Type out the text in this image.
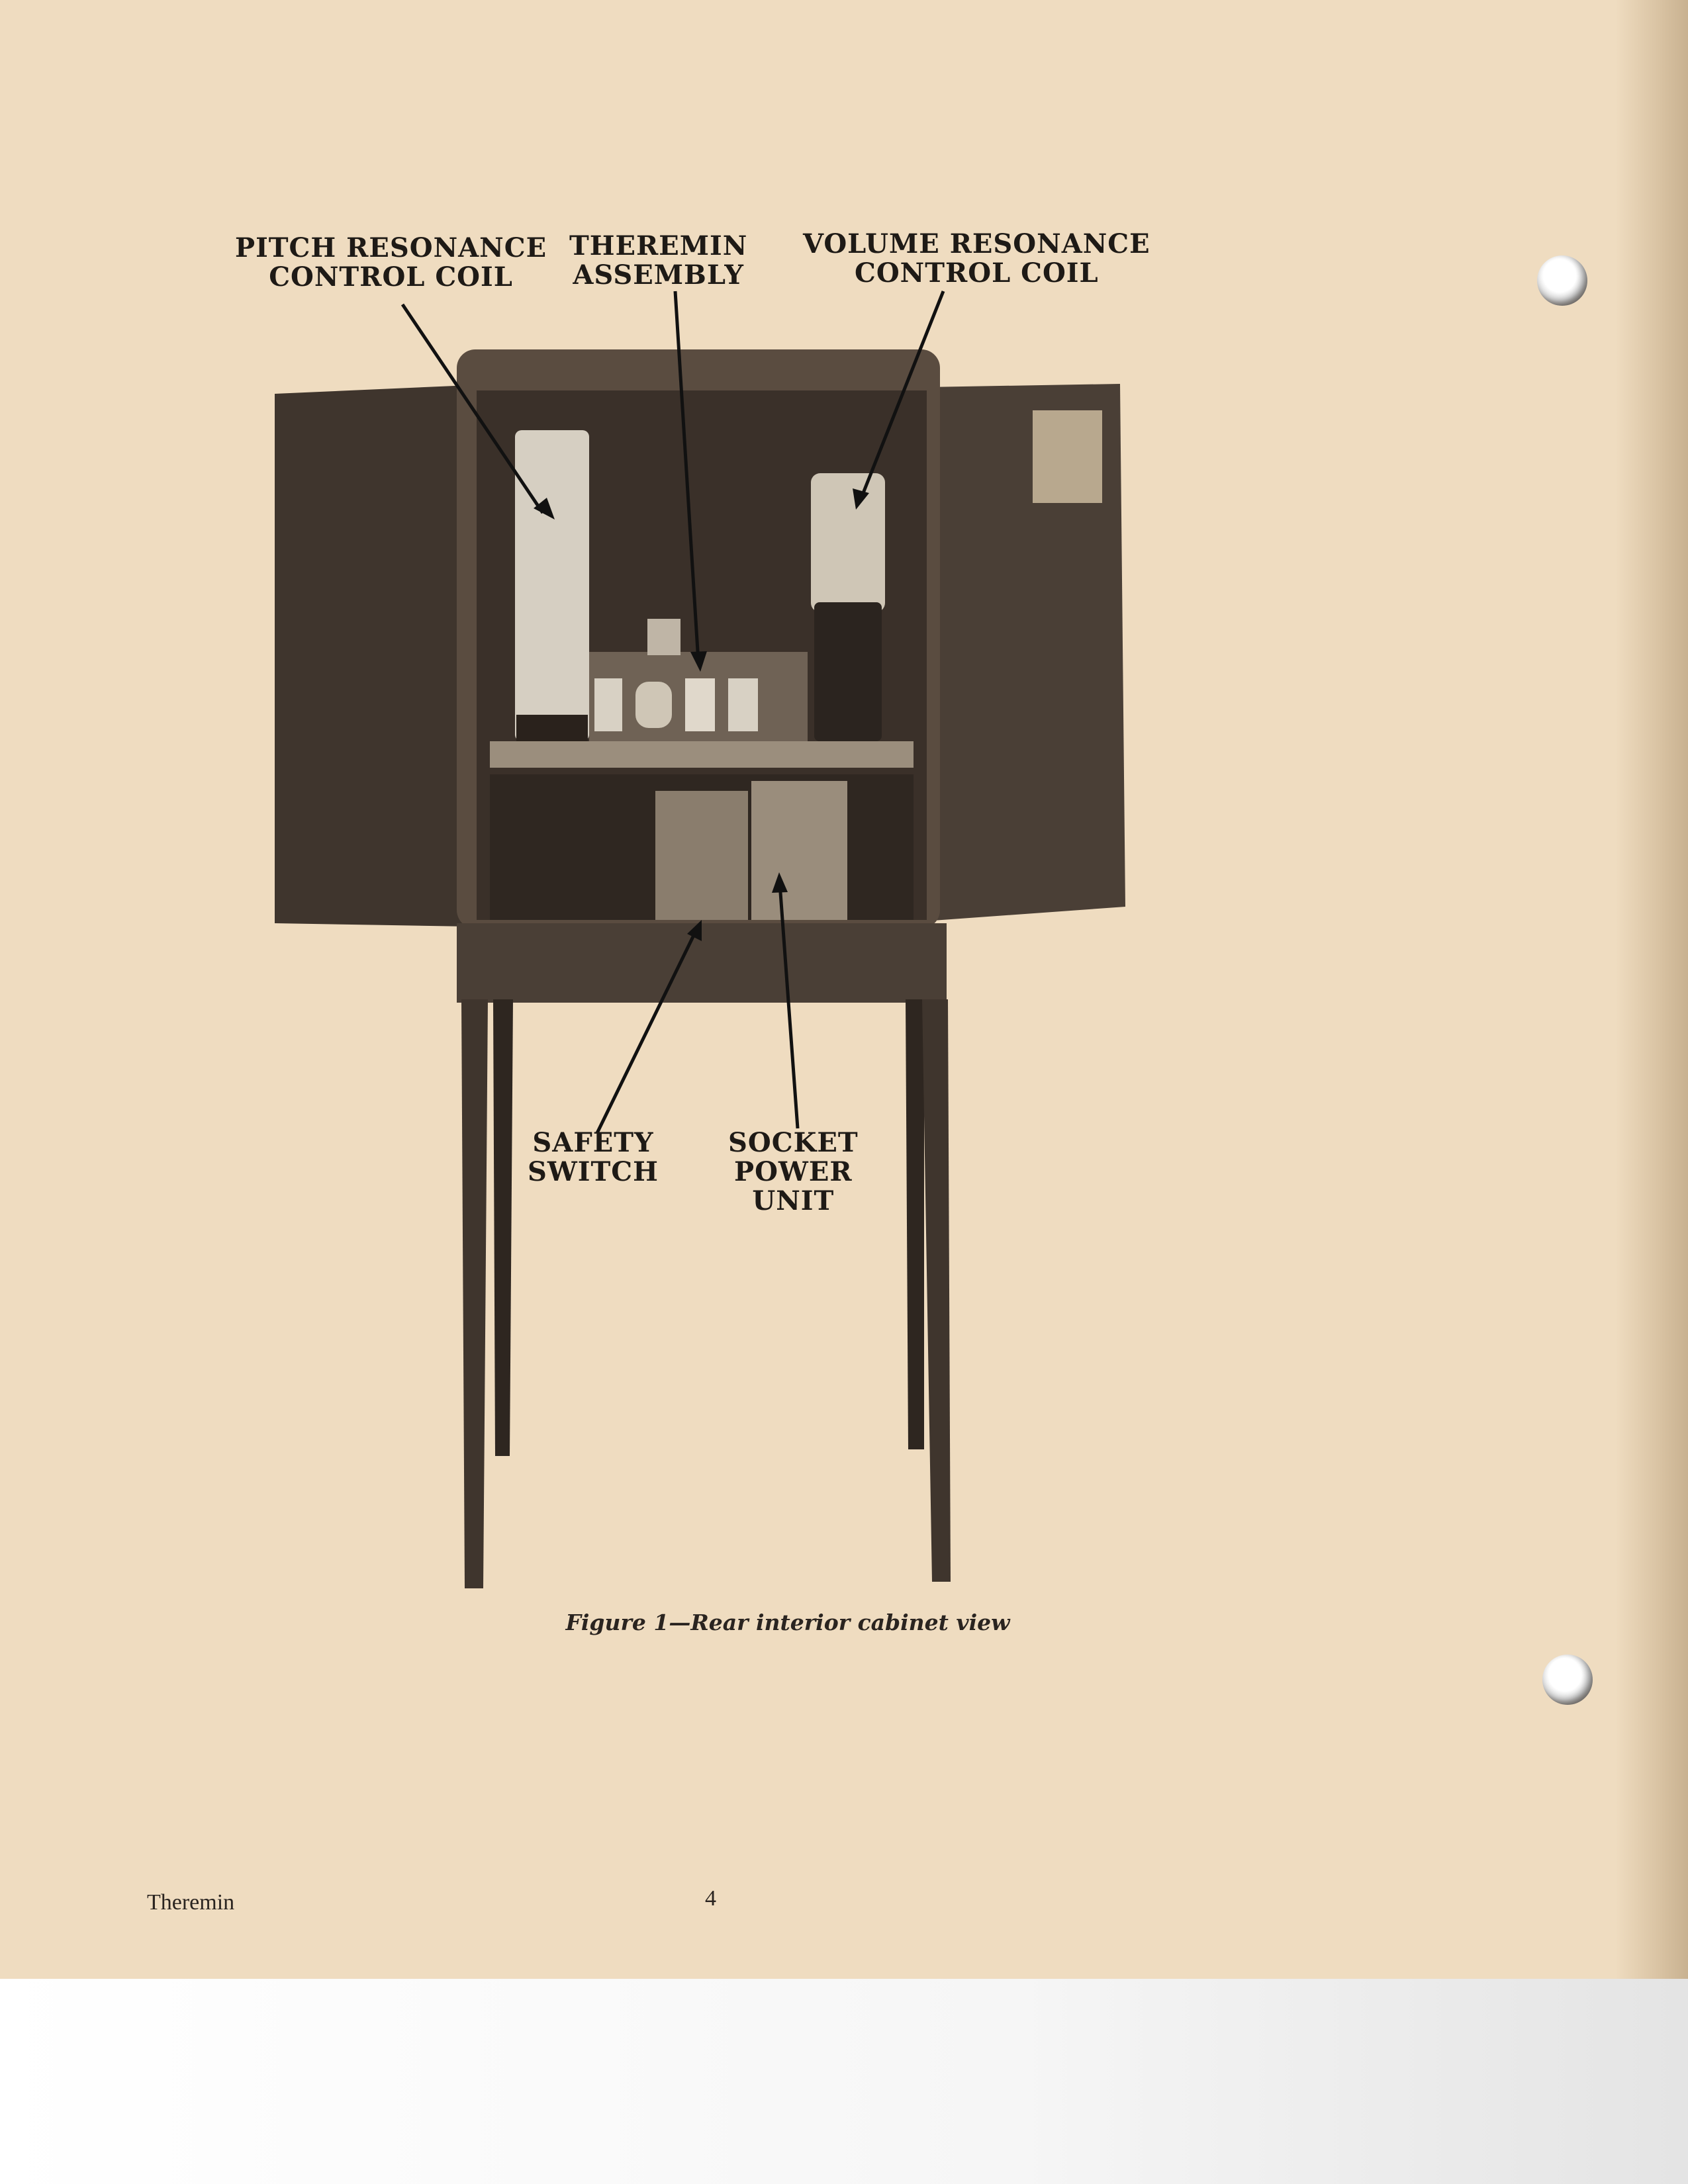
PITCH RESONANCE
CONTROL COIL
THEREMIN
ASSEMBLY
VOLUME RESONANCE
CONTROL COIL
SAFETY
SWITCH
SOCKET
POWER
UNIT
Figure 1—Rear interior cabinet view
Theremin	4
